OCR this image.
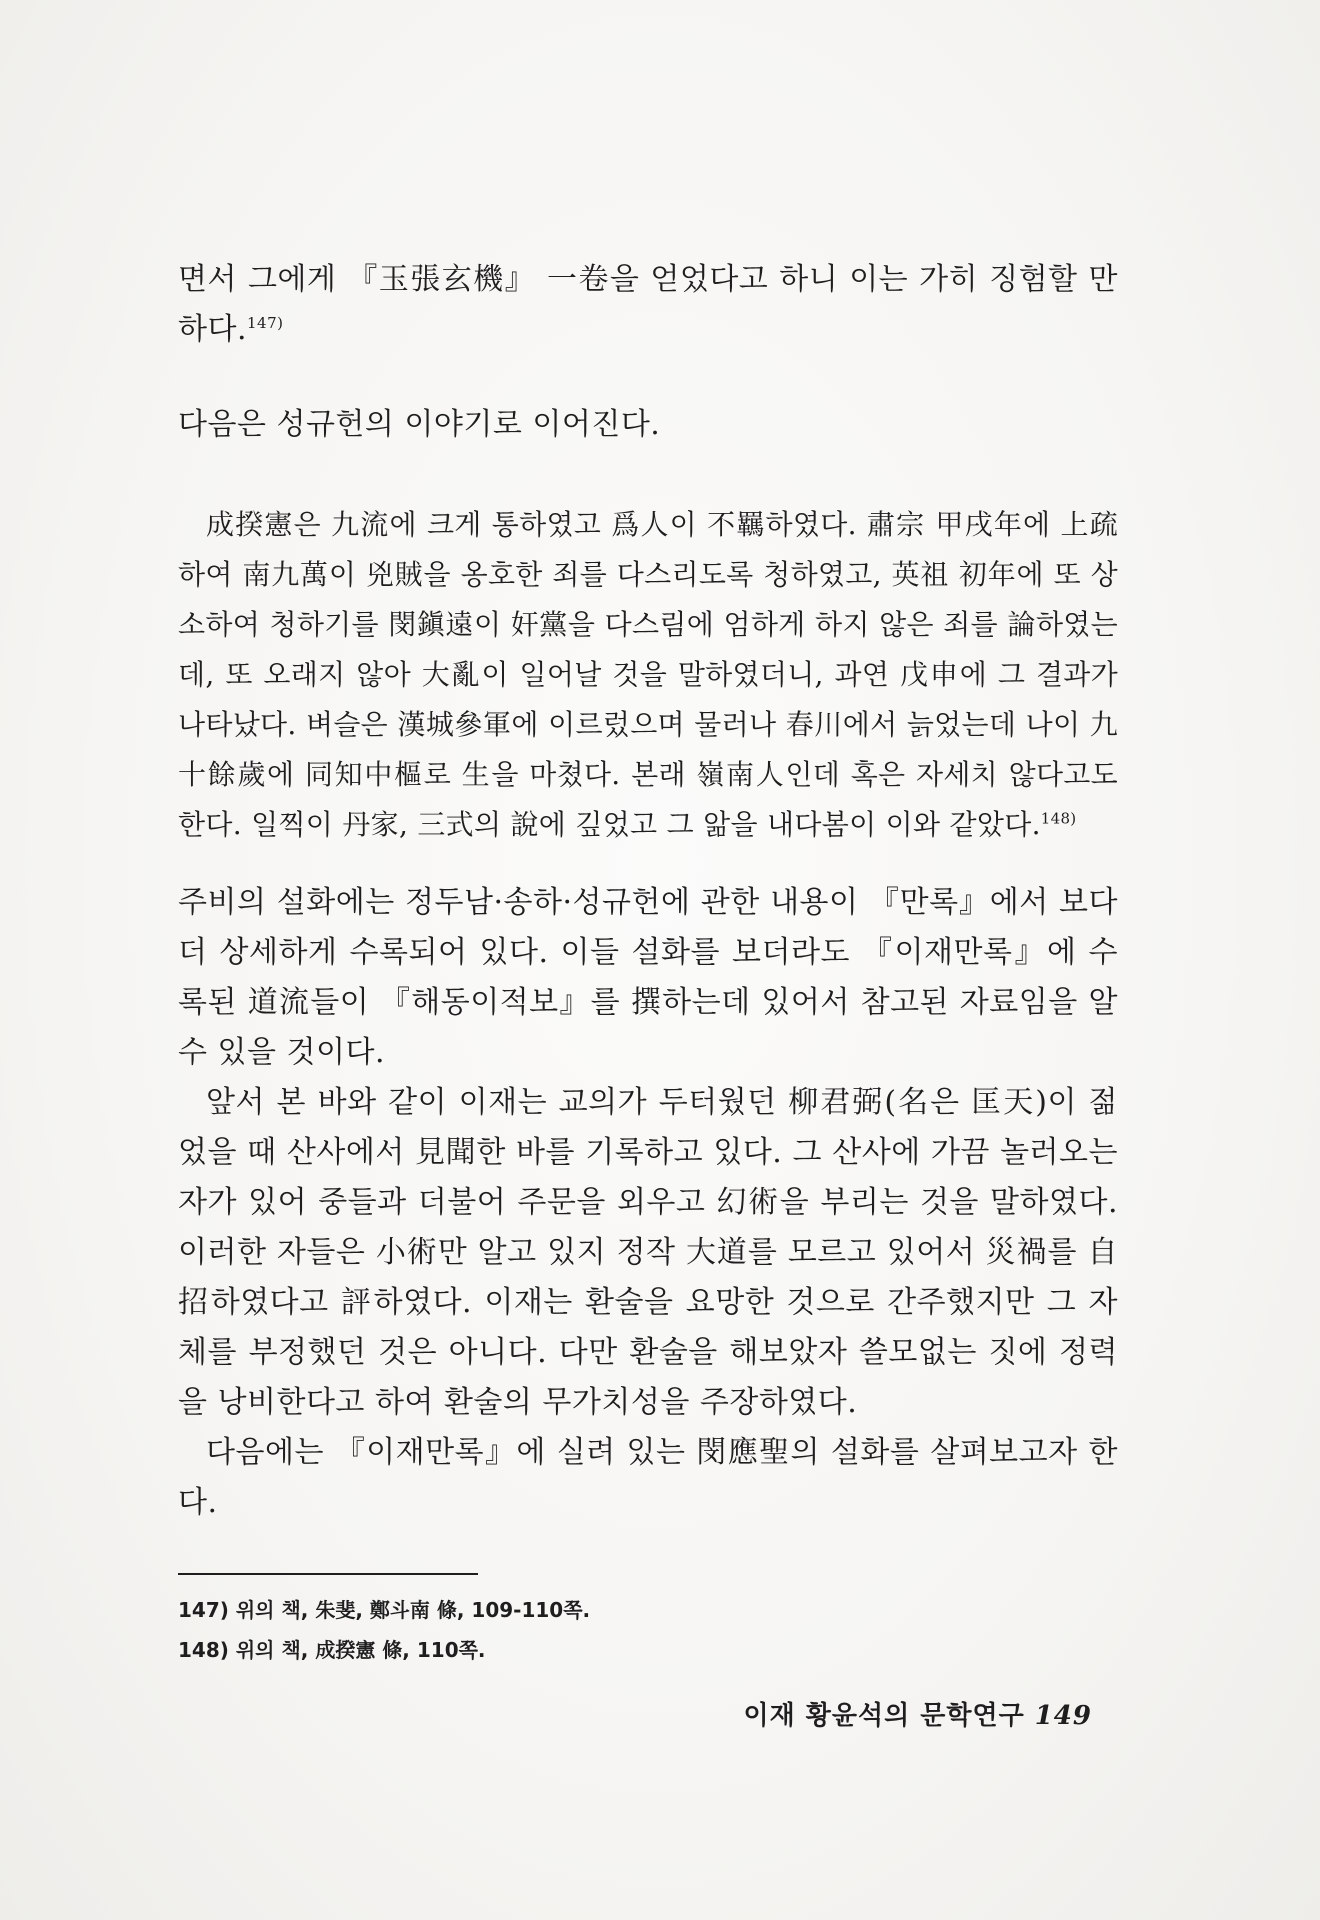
면서 그에게 『玉張玄機』 一卷을 얻었다고 하니 이는 가히 징험할 만하다.$^{147)}$
다음은 성규헌의 이야기로 이어진다.
成揆憲은 九流에 크게 통하였고 爲人이 不羈하였다. 肅宗 甲戌年에 上疏하여 南九萬이 兇賊을 옹호한 죄를 다스리도록 청하였고, 英祖 初年에 또 상소하여 청하기를 閔鎭遠이 奸黨을 다스림에 엄하게 하지 않은 죄를 論하였는데, 또 오래지 않아 大亂이 일어날 것을 말하였더니, 과연 戊申에 그 결과가 나타났다. 벼슬은 漢城參軍에 이르렀으며 물러나 春川에서 늙었는데 나이 九十餘歲에 同知中樞로 生을 마쳤다. 본래 嶺南人인데 혹은 자세치 않다고도 한다. 일찍이 丹家, 三式의 說에 깊었고 그 앎을 내다봄이 이와 같았다.$^{148)}$
주비의 설화에는 정두남·송하·성규헌에 관한 내용이 『만록』에서 보다 더 상세하게 수록되어 있다. 이들 설화를 보더라도 『이재만록』에 수록된 道流들이 『해동이적보』를 撰하는데 있어서 참고된 자료임을 알 수 있을 것이다.
앞서 본 바와 같이 이재는 교의가 두터웠던 柳君弼(名은 匡天)이 젊었을 때 산사에서 見聞한 바를 기록하고 있다. 그 산사에 가끔 놀러오는 자가 있어 중들과 더불어 주문을 외우고 幻術을 부리는 것을 말하였다. 이러한 자들은 小術만 알고 있지 정작 大道를 모르고 있어서 災禍를 自招하였다고 評하였다. 이재는 환술을 요망한 것으로 간주했지만 그 자체를 부정했던 것은 아니다. 다만 환술을 해보았자 쓸모없는 짓에 정력을 낭비한다고 하여 환술의 무가치성을 주장하였다.
다음에는 『이재만록』에 실려 있는 閔應聖의 설화를 살펴보고자 한다.

147) 위의 책, 朱斐, 鄭斗南 條, 109-110쪽.

148) 위의 책, 成揆憲 條, 110쪽.

이재 황윤석의 문학연구 149
